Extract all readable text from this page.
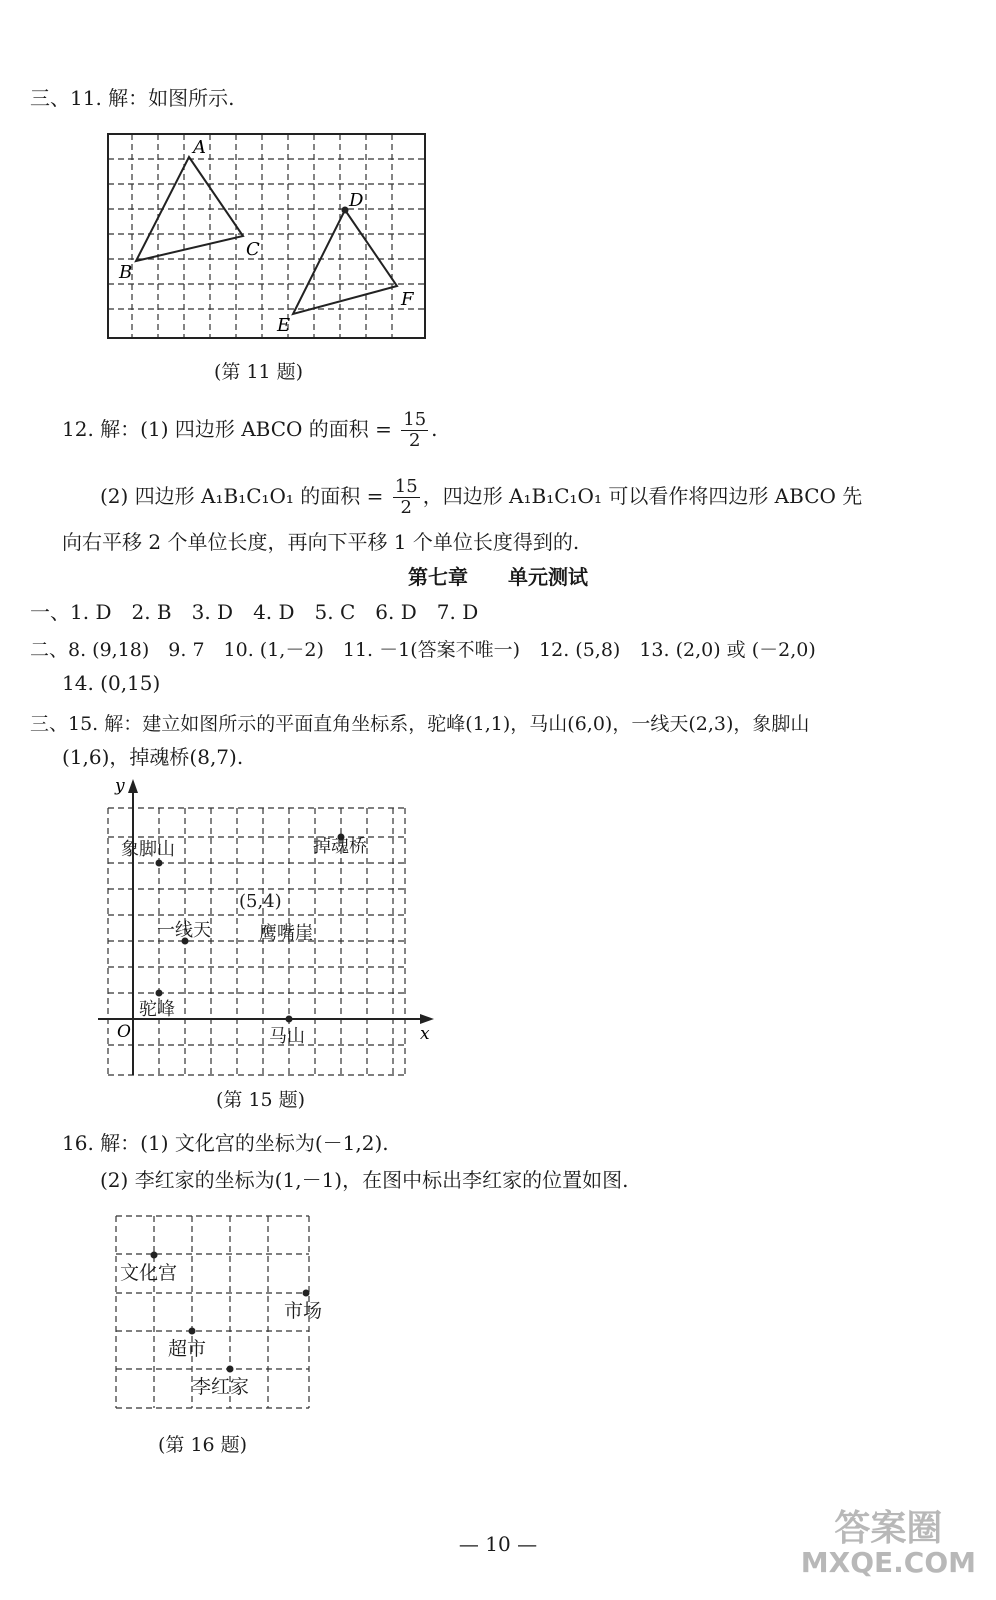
三、11. 解：如图所示.
A
B
C
D
E
F
(第 11 题)
12. 解：(1) 四边形 ABCO 的面积 = $\frac{15}{2}$ .
(2) 四边形 A₁B₁C₁O₁ 的面积 = $\frac{15}{2}$ ，四边形 A₁B₁C₁O₁ 可以看作将四边形 ABCO 先
向右平移 2 个单位长度，再向下平移 1 个单位长度得到的.
第七章　　单元测试
一、1. D　2. B　3. D　4. D　5. C　6. D　7. D
二、8. (9,18)　9. 7　10. (1,－2)　11. －1(答案不唯一)　12. (5,8)　13. (2,0) 或 (－2,0)
14. (0,15)
三、15. 解：建立如图所示的平面直角坐标系，驼峰(1,1)，马山(6,0)，一线天(2,3)，象脚山
(1,6)，掉魂桥(8,7).
y
x
O
象脚山	掉魂桥
(5,4)
一线天	鹰嘴崖
驼峰
马山
(第 15 题)
16. 解：(1) 文化宫的坐标为(－1,2).
(2) 李红家的坐标为(1,－1)，在图中标出李红家的位置如图.
文化宫
市场
超市
李红家
(第 16 题)
— 10 —	答案圈
MXQE.COM
